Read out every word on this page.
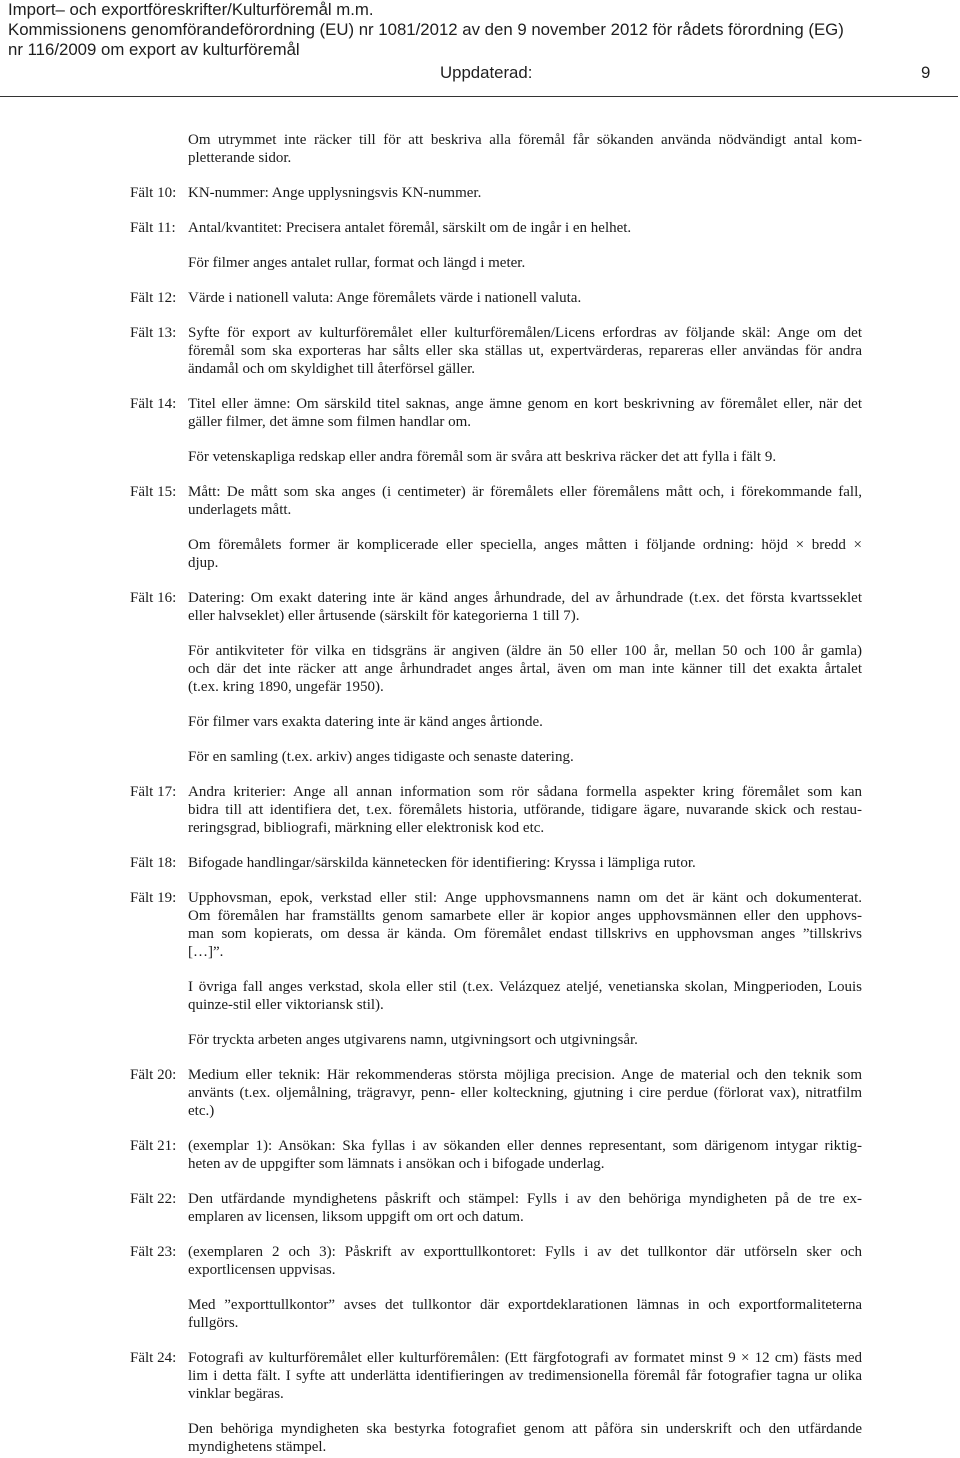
Import– och exportföreskrifter/Kulturföremål m.m.
Kommissionens genomförandeförordning (EU) nr 1081/2012 av den 9 november 2012 för rådets förordning (EG)
nr 116/2009 om export av kulturföremål
Uppdaterad:	9
Om utrymmet inte räcker till för att beskriva alla föremål får sökanden använda nödvändigt antal kom-
pletterande sidor.
Fält 10: KN-nummer: Ange upplysningsvis KN-nummer.
Fält 11: Antal/kvantitet: Precisera antalet föremål, särskilt om de ingår i en helhet.
För filmer anges antalet rullar, format och längd i meter.
Fält 12: Värde i nationell valuta: Ange föremålets värde i nationell valuta.
Fält 13: Syfte för export av kulturföremålet eller kulturföremålen/Licens erfordras av följande skäl: Ange om det
föremål som ska exporteras har sålts eller ska ställas ut, expertvärderas, repareras eller användas för andra
ändamål och om skyldighet till återförsel gäller.
Fält 14: Titel eller ämne: Om särskild titel saknas, ange ämne genom en kort beskrivning av föremålet eller, när det
gäller filmer, det ämne som filmen handlar om.
För vetenskapliga redskap eller andra föremål som är svåra att beskriva räcker det att fylla i fält 9.
Fält 15: Mått: De mått som ska anges (i centimeter) är föremålets eller föremålens mått och, i förekommande fall,
underlagets mått.
Om föremålets former är komplicerade eller speciella, anges måtten i följande ordning: höjd × bredd ×
djup.
Fält 16: Datering: Om exakt datering inte är känd anges århundrade, del av århundrade (t.ex. det första kvartsseklet
eller halvseklet) eller årtusende (särskilt för kategorierna 1 till 7).
För antikviteter för vilka en tidsgräns är angiven (äldre än 50 eller 100 år, mellan 50 och 100 år gamla)
och där det inte räcker att ange århundradet anges årtal, även om man inte känner till det exakta årtalet
(t.ex. kring 1890, ungefär 1950).
För filmer vars exakta datering inte är känd anges årtionde.
För en samling (t.ex. arkiv) anges tidigaste och senaste datering.
Fält 17: Andra kriterier: Ange all annan information som rör sådana formella aspekter kring föremålet som kan
bidra till att identifiera det, t.ex. föremålets historia, utförande, tidigare ägare, nuvarande skick och restau-
reringsgrad, bibliografi, märkning eller elektronisk kod etc.
Fält 18: Bifogade handlingar/särskilda kännetecken för identifiering: Kryssa i lämpliga rutor.
Fält 19: Upphovsman, epok, verkstad eller stil: Ange upphovsmannens namn om det är känt och dokumenterat.
Om föremålen har framställts genom samarbete eller är kopior anges upphovsmännen eller den upphovs-
man som kopierats, om dessa är kända. Om föremålet endast tillskrivs en upphovsman anges ”tillskrivs
[…]”.
I övriga fall anges verkstad, skola eller stil (t.ex. Velázquez ateljé, venetianska skolan, Mingperioden, Louis
quinze-stil eller viktoriansk stil).
För tryckta arbeten anges utgivarens namn, utgivningsort och utgivningsår.
Fält 20: Medium eller teknik: Här rekommenderas största möjliga precision. Ange de material och den teknik som
använts (t.ex. oljemålning, trägravyr, penn- eller kolteckning, gjutning i cire perdue (förlorat vax), nitratfilm
etc.)
Fält 21: (exemplar 1): Ansökan: Ska fyllas i av sökanden eller dennes representant, som därigenom intygar riktig-
heten av de uppgifter som lämnats i ansökan och i bifogade underlag.
Fält 22: Den utfärdande myndighetens påskrift och stämpel: Fylls i av den behöriga myndigheten på de tre ex-
emplaren av licensen, liksom uppgift om ort och datum.
Fält 23: (exemplaren 2 och 3): Påskrift av exporttullkontoret: Fylls i av det tullkontor där utförseln sker och
exportlicensen uppvisas.
Med ”exporttullkontor” avses det tullkontor där exportdeklarationen lämnas in och exportformaliteterna
fullgörs.
Fält 24: Fotografi av kulturföremålet eller kulturföremålen: (Ett färgfotografi av formatet minst 9 × 12 cm) fästs med
lim i detta fält. I syfte att underlätta identifieringen av tredimensionella föremål får fotografier tagna ur olika
vinklar begäras.
Den behöriga myndigheten ska bestyrka fotografiet genom att påföra sin underskrift och den utfärdande
myndighetens stämpel.
